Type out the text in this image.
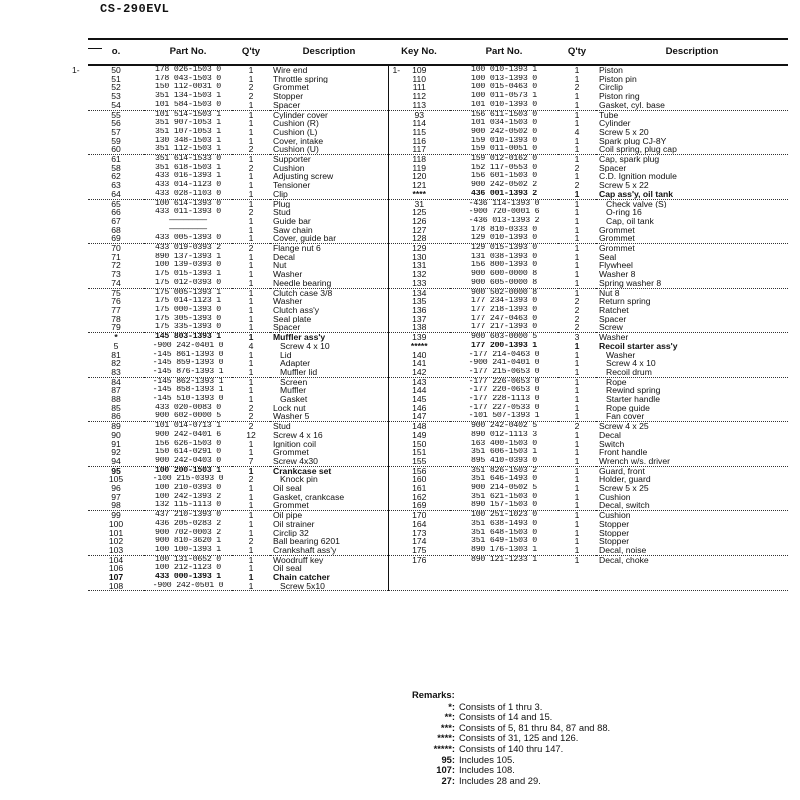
CS-290EVL
o.	Part No.	Q'ty	Description	Key No.	Part No.	Q'ty	Description

1- 50	178 026-1503 0	1	Wire end	1- 109	100 010-1393 1	1	Piston
51	178 043-1503 0	1	Throttle spring	110	100 013-1393 0	1	Piston pin
52	150 112-0031 0	2	Grommet	111	100 015-0463 0	2	Circlip
53	351 134-1503 1	2	Stopper	112	100 011-0573 1	1	Piston ring
54	101 584-1503 0	1	Spacer	113	101 010-1393 0	1	Gasket, cyl. base
55	101 514-1503 1	1	Cylinder cover	93	156 611-1503 0	1	Tube
56	351 907-1053 1	1	Cushion (R)	114	101 034-1503 0	1	Cylinder
57	351 107-1053 1	1	Cushion (L)	115	900 242-0502 0	4	Screw 5 x 20
59	130 348-1503 1	1	Cover, intake	116	159 010-1393 0	1	Spark plug CJ-8Y
60	351 112-1503 1	2	Cushion (U)	117	159 011-0051 0	1	Coil spring, plug cap
61	351 614-1533 0	1	Supporter	118	159 012-0162 0	1	Cap, spark plug
58	351 618-1503 1	2	Cushion	119	152 117-0553 0	2	Spacer
62	433 016-1393 1	1	Adjusting screw	120	156 601-1503 0	1	C.D. Ignition module
63	433 014-1123 0	1	Tensioner	121	900 242-0502 2	2	Screw 5 x 22
64	433 028-1103 0	1	Clip	****	436 001-1393 2	1	Cap ass'y, oil tank
65	100 614-1393 0	1	Plug	31	-436 114-1393 0	1	Check valve (S)
66	433 011-1393 0	2	Stud	125	-900 720-0001 6	1	O-ring 16
67	————————	1	Guide bar	126	-436 013-1393 2	1	Cap, oil tank
68	————————	1	Saw chain	127	178 810-0333 0	1	Grommet
69	433 005-1393 0	1	Cover, guide bar	128	129 010-1393 0	1	Grommet
70	433 019-0393 2	2	Flange nut 6	129	129 015-1393 0	1	Grommet
71	890 137-1393 1	1	Decal	130	131 038-1393 0	1	Seal
72	100 139-0393 0	1	Nut	131	156 800-1393 0	1	Flywheel
73	175 015-1393 1	1	Washer	132	900 600-0000 8	1	Washer 8
74	175 012-0393 0	1	Needle bearing	133	900 605-0000 8	1	Spring washer 8
75	175 005-1393 1	1	Clutch case 3/8	134	900 502-0000 8	1	Nut 8
76	175 014-1123 1	1	Washer	135	177 234-1393 0	2	Return spring
77	175 000-1393 0	1	Clutch ass'y	136	177 218-1393 0	2	Ratchet
78	175 305-1393 0	1	Seal plate	137	177 247-0463 0	2	Spacer
79	175 335-1393 0	1	Spacer	138	177 217-1393 0	2	Screw
*	145 803-1393 1	1	Muffler ass'y	139	900 603-0000 5	3	Washer
5	-900 242-0401 0	4	Screw 4 x 10	*****	177 200-1393 1	1	Recoil starter ass'y
81	-145 861-1393 0	1	Lid	140	-177 214-0463 0	1	Washer
82	-145 859-1393 0	1	Adapter	141	-900 241-0401 0	1	Screw 4 x 10
83	-145 876-1393 1	1	Muffler lid	142	-177 215-0653 0	1	Recoil drum
84	-145 862-1393 1	1	Screen	143	-177 226-0653 0	1	Rope
87	-145 858-1393 1	1	Muffler	144	-177 220-0653 0	1	Rewind spring
88	-145 510-1393 0	1	Gasket	145	-177 228-1113 0	1	Starter handle
85	433 020-0083 0	2	Lock nut	146	-177 227-0533 0	1	Rope guide
86	900 602-0000 5	2	Washer 5	147	-101 507-1393 1	1	Fan cover
89	101 014-0713 1	2	Stud	148	900 242-0402 5	2	Screw 4 x 25
90	900 242-0401 6	12	Screw 4 x 16	149	890 012-1113 3	1	Decal
91	156 626-1503 0	1	Ignition coil	150	163 400-1503 0	1	Switch
92	150 614-0291 0	1	Grommet	151	351 606-1503 1	1	Front handle
94	900 242-0403 0	7	Screw 4x30	155	895 410-0393 0	1	Wrench w/s. driver
95	100 200-1503 1	1	Crankcase set	156	351 826-1503 2	1	Guard, front
105	-100 215-0393 0	2	Knock pin	160	351 646-1493 0	1	Holder, guard
96	100 210-0393 0	1	Oil seal	161	900 214-0502 5	1	Screw 5 x 25
97	100 242-1393 2	1	Gasket, crankcase	162	351 621-1503 0	1	Cushion
98	132 115-1113 0	1	Grommet	169	890 157-1503 0	1	Decal, switch
99	437 210-1393 0	1	Oil pipe	170	100 251-1023 0	1	Cushion
100	436 205-0283 2	1	Oil strainer	164	351 638-1493 0	1	Stopper
101	900 702-0003 2	1	Circlip 32	173	351 648-1503 0	1	Stopper
102	900 810-3620 1	2	Ball bearing 6201	174	351 649-1503 0	1	Stopper
103	100 100-1393 1	1	Crankshaft ass'y	175	890 176-1303 1	1	Decal, noise
104	100 131-0652 0	1	Woodruff key	176	890 121-1233 1	1	Decal, choke
106	100 212-1123 0	1	Oil seal				
107	433 000-1393 1	1	Chain catcher				

108	-900 242-0501 0	1	Screw 5x10				
Remarks:
*: Consists of 1 thru 3.
**: Consists of 14 and 15.
***: Consists of 5, 81 thru 84, 87 and 88.
****: Consists of 31, 125 and 126.
*****: Consists of 140 thru 147.
95: Includes 105.
107: Includes 108.
27: Includes 28 and 29.
